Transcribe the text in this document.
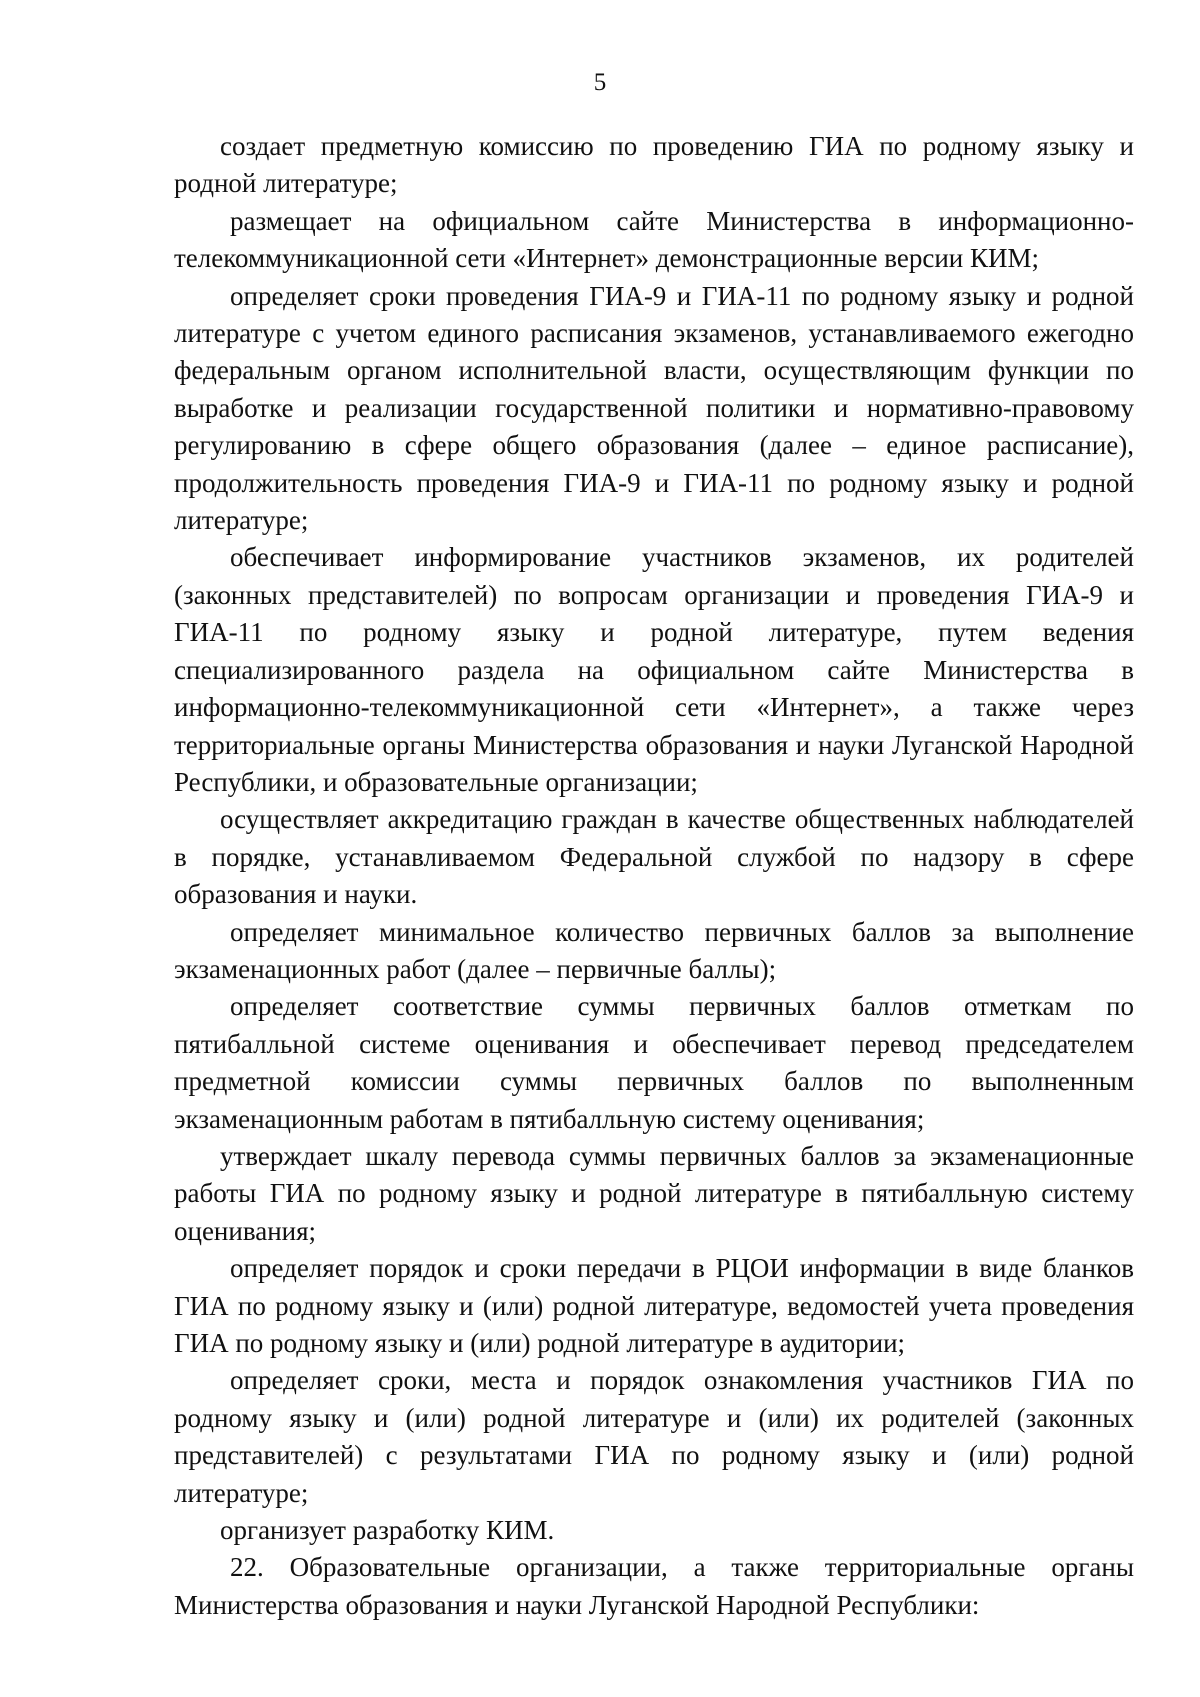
5

создает предметную комиссию по проведению ГИА по родному языку и родной литературе;

размещает на официальном сайте Министерства в информационно-телекоммуникационной сети «Интернет» демонстрационные версии КИМ;

определяет сроки проведения ГИА-9 и ГИА-11 по родному языку и родной литературе с учетом единого расписания экзаменов, устанавливаемого ежегодно федеральным органом исполнительной власти, осуществляющим функции по выработке и реализации государственной политики и нормативно-правовому регулированию в сфере общего образования (далее – единое расписание), продолжительность проведения ГИА-9 и ГИА-11 по родному языку и родной литературе;

обеспечивает информирование участников экзаменов, их родителей (законных представителей) по вопросам организации и проведения ГИА-9 и ГИА-11 по родному языку и родной литературе, путем ведения специализированного раздела на официальном сайте Министерства в информационно-телекоммуникационной сети «Интернет», а также через территориальные органы Министерства образования и науки Луганской Народной Республики, и образовательные организации;

осуществляет аккредитацию граждан в качестве общественных наблюдателей в порядке, устанавливаемом Федеральной службой по надзору в сфере образования и науки.

определяет минимальное количество первичных баллов за выполнение экзаменационных работ (далее – первичные баллы);

определяет соответствие суммы первичных баллов отметкам по пятибалльной системе оценивания и обеспечивает перевод председателем предметной комиссии суммы первичных баллов по выполненным экзаменационным работам в пятибалльную систему оценивания;

утверждает шкалу перевода суммы первичных баллов за экзаменационные работы ГИА по родному языку и родной литературе в пятибалльную систему оценивания;

определяет порядок и сроки передачи в РЦОИ информации в виде бланков ГИА по родному языку и (или) родной литературе, ведомостей учета проведения ГИА по родному языку и (или) родной литературе в аудитории;

определяет сроки, места и порядок ознакомления участников ГИА по родному языку и (или) родной литературе и (или) их родителей (законных представителей) с результатами ГИА по родному языку и (или) родной литературе;

организует разработку КИМ.

22. Образовательные организации, а также территориальные органы Министерства образования и науки Луганской Народной Республики:
